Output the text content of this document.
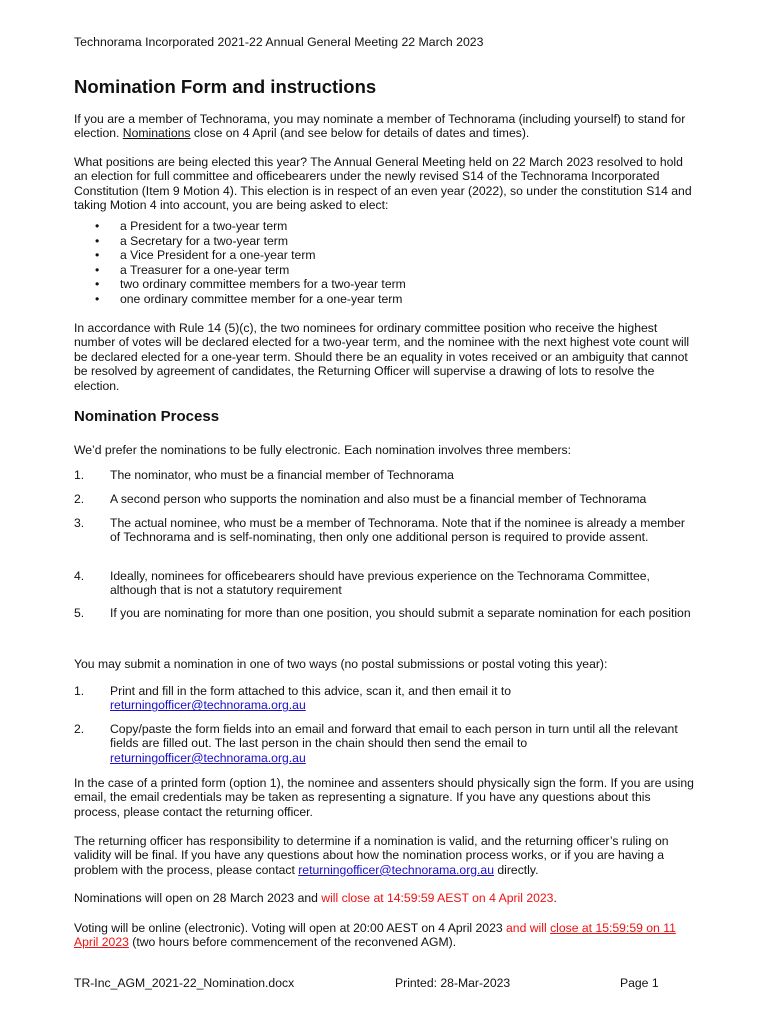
Technorama Incorporated 2021-22 Annual General Meeting 22 March 2023
Nomination Form and instructions

If you are a member of Technorama, you may nominate a member of Technorama (including yourself) to stand for election. Nominations close on 4 April (and see below for details of dates and times).

What positions are being elected this year? The Annual General Meeting held on 22 March 2023 resolved to hold an election for full committee and officebearers under the newly revised S14 of the Technorama Incorporated Constitution (Item 9 Motion 4). This election is in respect of an even year (2022), so under the constitution S14 and taking Motion 4 into account, you are being asked to elect:

• a President for a two-year term
• a Secretary for a two-year term
• a Vice President for a one-year term
• a Treasurer for a one-year term
• two ordinary committee members for a two-year term
• one ordinary committee member for a one-year term

In accordance with Rule 14 (5)(c), the two nominees for ordinary committee position who receive the highest number of votes will be declared elected for a two-year term, and the nominee with the next highest vote count will be declared elected for a one-year term. Should there be an equality in votes received or an ambiguity that cannot be resolved by agreement of candidates, the Returning Officer will supervise a drawing of lots to resolve the election.

Nomination Process

We’d prefer the nominations to be fully electronic. Each nomination involves three members:

1. The nominator, who must be a financial member of Technorama
2. A second person who supports the nomination and also must be a financial member of Technorama
3. The actual nominee, who must be a member of Technorama. Note that if the nominee is already a member of Technorama and is self-nominating, then only one additional person is required to provide assent.
4. Ideally, nominees for officebearers should have previous experience on the Technorama Committee, although that is not a statutory requirement
5. If you are nominating for more than one position, you should submit a separate nomination for each position

You may submit a nomination in one of two ways (no postal submissions or postal voting this year):

1. Print and fill in the form attached to this advice, scan it, and then email it to returningofficer@technorama.org.au
2. Copy/paste the form fields into an email and forward that email to each person in turn until all the relevant fields are filled out. The last person in the chain should then send the email to returningofficer@technorama.org.au

In the case of a printed form (option 1), the nominee and assenters should physically sign the form. If you are using email, the email credentials may be taken as representing a signature. If you have any questions about this process, please contact the returning officer.

The returning officer has responsibility to determine if a nomination is valid, and the returning officer’s ruling on validity will be final. If you have any questions about how the nomination process works, or if you are having a problem with the process, please contact returningofficer@technorama.org.au directly.

Nominations will open on 28 March 2023 and will close at 14:59:59 AEST on 4 April 2023.

Voting will be online (electronic). Voting will open at 20:00 AEST on 4 April 2023 and will close at 15:59:59 on 11 April 2023 (two hours before commencement of the reconvened AGM).

TR-Inc_AGM_2021-22_Nomination.docx	Printed: 28-Mar-2023	Page 1
